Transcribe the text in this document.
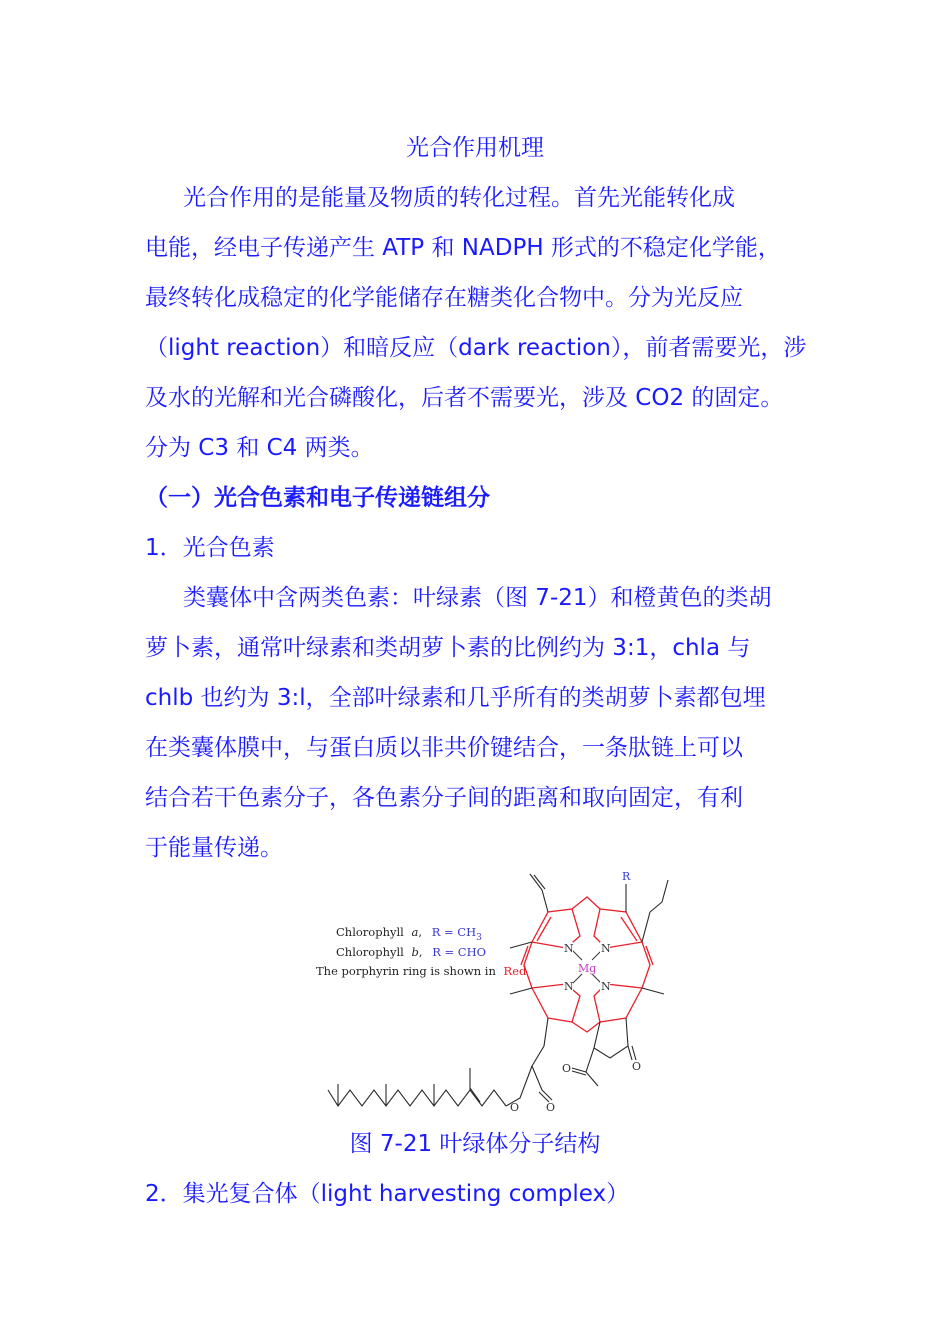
光合作用机理
光合作用的是能量及物质的转化过程。首先光能转化成
电能，经电子传递产生 ATP 和 NADPH 形式的不稳定化学能，
最终转化成稳定的化学能储存在糖类化合物中。分为光反应
（light reaction）和暗反应（dark reaction），前者需要光，涉
及水的光解和光合磷酸化，后者不需要光，涉及 CO2 的固定。
分为 C3 和 C4 两类。
（一）光合色素和电子传递链组分
1．光合色素
类囊体中含两类色素：叶绿素（图 7-21）和橙黄色的类胡
萝卜素，通常叶绿素和类胡萝卜素的比例约为 3:1，chla 与
chlb 也约为 3:l，全部叶绿素和几乎所有的类胡萝卜素都包埋
在类囊体膜中，与蛋白质以非共价键结合，一条肽链上可以
结合若干色素分子，各色素分子间的距离和取向固定，有利
于能量传递。
Chlorophyll a, $R = CH_3$
Chlorophyll b, R = CHO
The porphyrin ring is shown in Red
N N
N N
Mg
R
O
O
O O
图 7-21 叶绿体分子结构
2．集光复合体（light harvesting complex）
